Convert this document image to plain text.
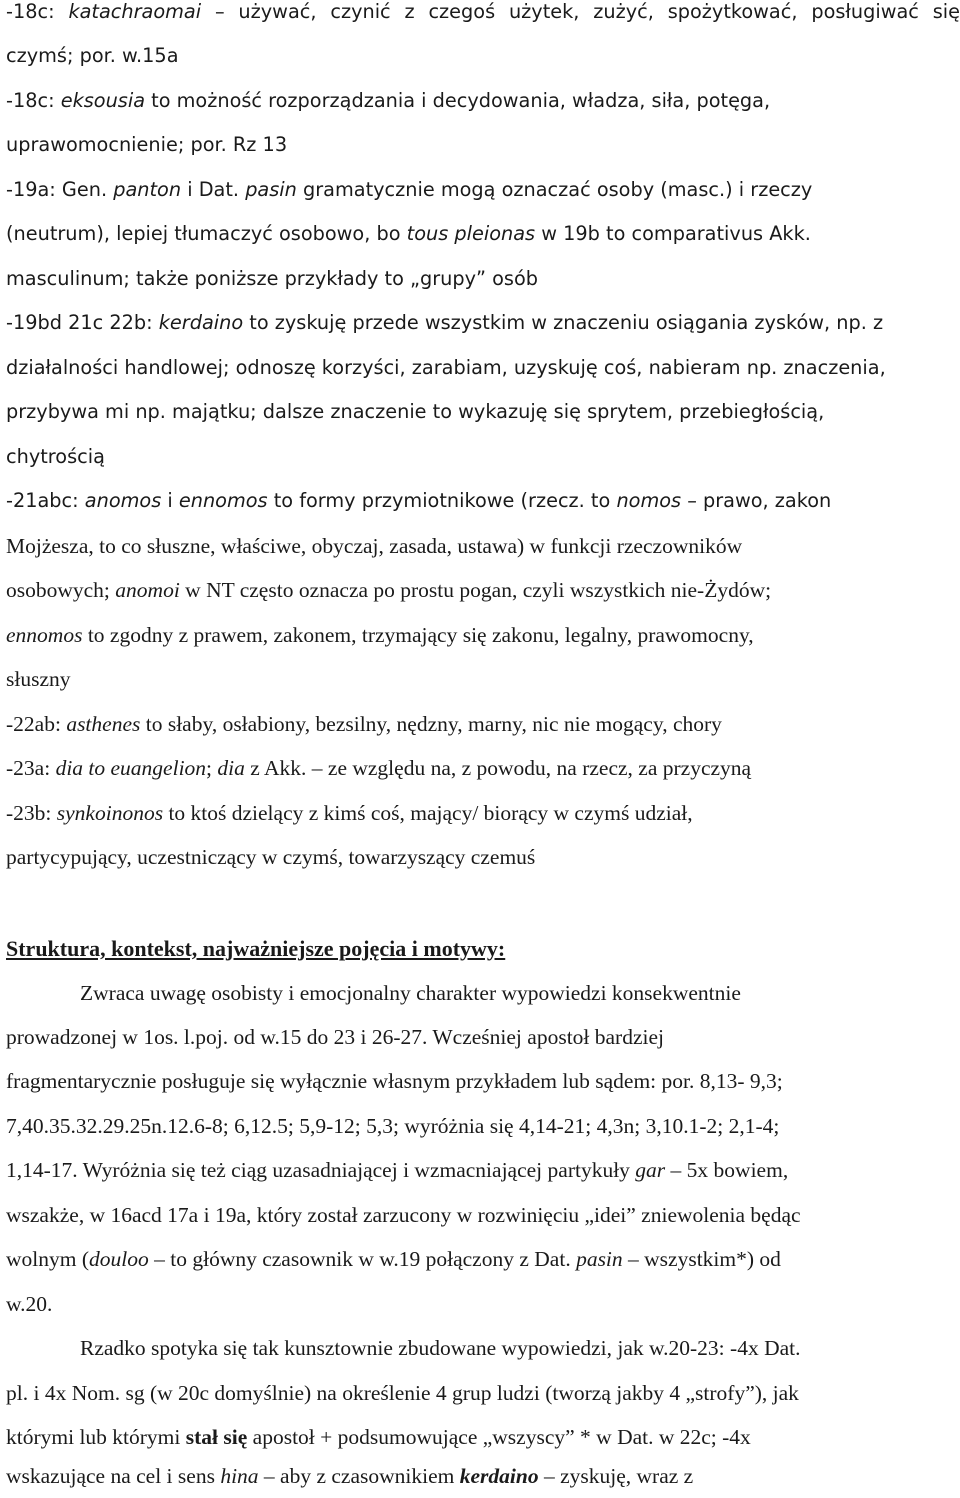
-18c: katachraomai – używać, czynić z czegoś użytek, zużyć, spożytkować, posługiwać się
czymś; por. w.15a
-18c: eksousia to możność rozporządzania i decydowania, władza, siła, potęga,
uprawomocnienie; por. Rz 13
-19a: Gen. panton i Dat. pasin gramatycznie mogą oznaczać osoby (masc.) i rzeczy
(neutrum), lepiej tłumaczyć osobowo, bo tous pleionas w 19b to comparativus Akk.
masculinum; także poniższe przykłady to „grupy” osób
-19bd 21c 22b: kerdaino to zyskuję przede wszystkim w znaczeniu osiągania zysków, np. z
działalności handlowej; odnoszę korzyści, zarabiam, uzyskuję coś, nabieram np. znaczenia,
przybywa mi np. majątku; dalsze znaczenie to wykazuję się sprytem, przebiegłością,
chytrością
-21abc: anomos i ennomos to formy przymiotnikowe (rzecz. to nomos – prawo, zakon
Mojżesza, to co słuszne, właściwe, obyczaj, zasada, ustawa) w funkcji rzeczowników
osobowych; anomoi w NT często oznacza po prostu pogan, czyli wszystkich nie-Żydów;
ennomos to zgodny z prawem, zakonem, trzymający się zakonu, legalny, prawomocny,
słuszny
-22ab: asthenes to słaby, osłabiony, bezsilny, nędzny, marny, nic nie mogący, chory
-23a: dia to euangelion; dia z Akk. – ze względu na, z powodu, na rzecz, za przyczyną
-23b: synkoinonos to ktoś dzielący z kimś coś, mający/ biorący w czymś udział,
partycypujący, uczestniczący w czymś, towarzyszący czemuś
Struktura, kontekst, najważniejsze pojęcia i motywy:
Zwraca uwagę osobisty i emocjonalny charakter wypowiedzi konsekwentnie
prowadzonej w 1os. l.poj. od w.15 do 23 i 26-27. Wcześniej apostoł bardziej
fragmentarycznie posługuje się wyłącznie własnym przykładem lub sądem: por. 8,13- 9,3;
7,40.35.32.29.25n.12.6-8; 6,12.5; 5,9-12; 5,3; wyróżnia się 4,14-21; 4,3n; 3,10.1-2; 2,1-4;
1,14-17. Wyróżnia się też ciąg uzasadniającej i wzmacniającej partykuły gar – 5x bowiem,
wszakże, w 16acd 17a i 19a, który został zarzucony w rozwinięciu „idei” zniewolenia będąc
wolnym (doulоо – to główny czasownik w w.19 połączony z Dat. pasin – wszystkim*) od
w.20.
Rzadko spotyka się tak kunsztownie zbudowane wypowiedzi, jak w.20-23: -4x Dat.
pl. i 4x Nom. sg (w 20c domyślnie) na określenie 4 grup ludzi (tworzą jakby 4 „strofy”), jak
którymi lub którymi stał się apostoł + podsumowujące „wszyscy” * w Dat. w 22c; -4x
wskazujące na cel i sens hina – aby z czasownikiem kerdaino – zyskuję, wraz z
